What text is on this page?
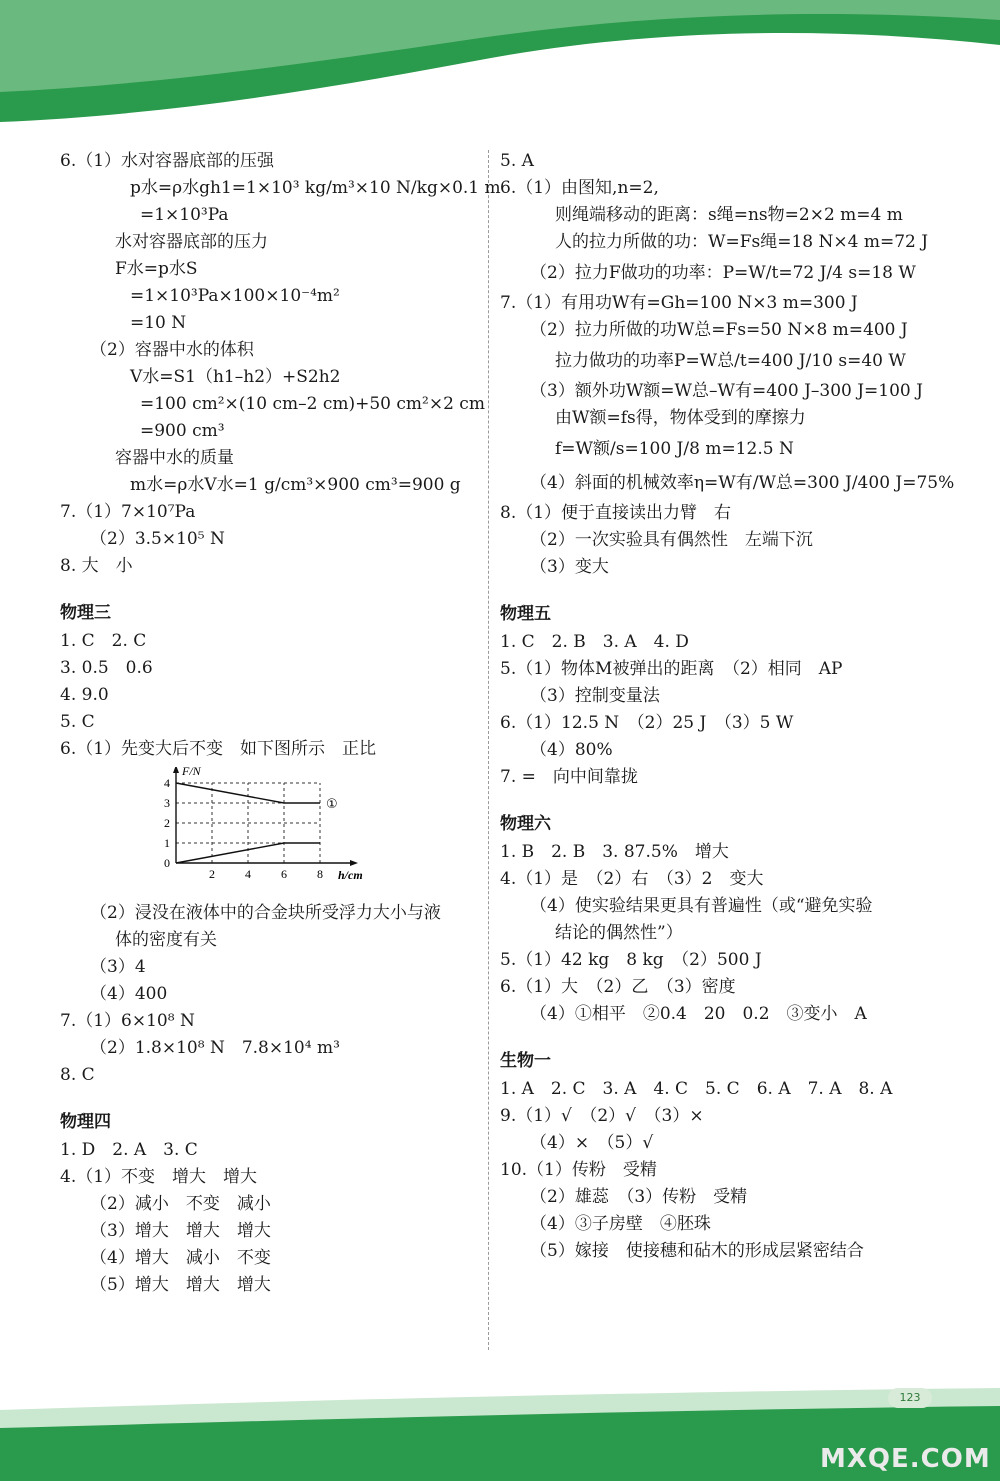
6.（1）水对容器底部的压强
p水=ρ水gh1=1×10³ kg/m³×10 N/kg×0.1 m
=1×10³Pa
水对容器底部的压力
F水=p水S
=1×10³Pa×100×10⁻⁴m²
=10 N
（2）容器中水的体积
V水=S1（h1–h2）+S2h2
=100 cm²×(10 cm–2 cm)+50 cm²×2 cm
=900 cm³
容器中水的质量
m水=ρ水V水=1 g/cm³×900 cm³=900 g
7.（1）7×10⁷Pa
（2）3.5×10⁵ N
8. 大　小
物理三
1. C　2. C
3. 0.5　0.6
4. 9.0
5. C
6.（1）先变大后不变　如下图所示　正比
2	4	6	8
0
1
2
3
4
F/N
h/cm
①
（2）浸没在液体中的合金块所受浮力大小与液
体的密度有关
（3）4
（4）400
7.（1）6×10⁸ N
（2）1.8×10⁸ N　7.8×10⁴ m³
8. C
物理四
1. D　2. A　3. C
4.（1）不变　增大　增大
（2）减小　不变　减小
（3）增大　增大　增大
（4）增大　减小　不变
（5）增大　增大　增大
5. A
6.（1）由图知,n=2,
则绳端移动的距离：s绳=ns物=2×2 m=4 m
人的拉力所做的功：W=Fs绳=18 N×4 m=72 J
（2）拉力F做功的功率：P=W/t=72 J/4 s=18 W
7.（1）有用功W有=Gh=100 N×3 m=300 J
（2）拉力所做的功W总=Fs=50 N×8 m=400 J
拉力做功的功率P=W总/t=400 J/10 s=40 W
（3）额外功W额=W总–W有=400 J–300 J=100 J
由W额=fs得，物体受到的摩擦力
f=W额/s=100 J/8 m=12.5 N
（4）斜面的机械效率η=W有/W总=300 J/400 J=75%
8.（1）便于直接读出力臂　右
（2）一次实验具有偶然性　左端下沉
（3）变大
物理五
1. C　2. B　3. A　4. D
5.（1）物体M被弹出的距离　（2）相同　AP
（3）控制变量法
6.（1）12.5 N　（2）25 J　（3）5 W
（4）80%
7. =　向中间靠拢
物理六
1. B　2. B　3. 87.5%　增大
4.（1）是　（2）右　（3）2　变大
（4）使实验结果更具有普遍性（或“避免实验
结论的偶然性”）
5.（1）42 kg　8 kg　（2）500 J
6.（1）大　（2）乙　（3）密度
（4）①相平　②0.4　20　0.2　③变小　A
生物一
1. A　2. C　3. A　4. C　5. C　6. A　7. A　8. A
9.（1）√　（2）√　（3）×
（4）×　（5）√
10.（1）传粉　受精
（2）雄蕊　（3）传粉　受精
（4）③子房壁　④胚珠
（5）嫁接　使接穗和砧木的形成层紧密结合
123
MXQE.COM
